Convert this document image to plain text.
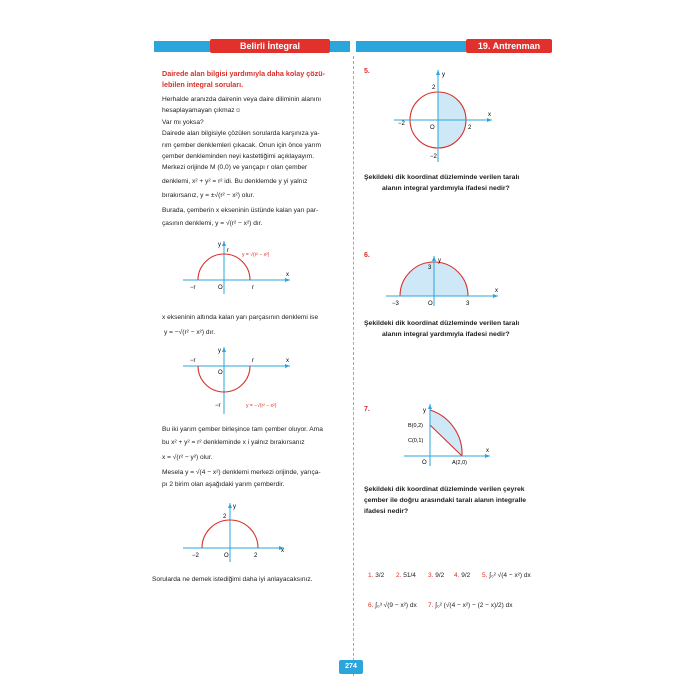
Belirli İntegral	19. Antrenman
Dairede alan bilgisi yardımıyla daha kolay çözü-
lebilen integral soruları.
Herhalde aranızda dairenin veya daire diliminin alanını
hesaplayamayan çıkmaz☺
Var mı yoksa?
Dairede alan bilgisiyle çözülen sorularda karşınıza ya-
rım çember denklemleri çıkacak. Onun için önce yarım
çember denkleminden neyi kastettiğimi açıklayayım.
Merkezi orijinde M (0,0) ve yarıçapı r olan çember
denklemi, x² + y² = r² idi. Bu denklemde y yi yalnız
bırakırsanız, y = ±√(r² − x²) olur.
Burada, çemberin x ekseninin üstünde kalan yarı par-
çasının denklemi, y = √(r² − x²) dır.
y
x
−r	O	r
r
y = √(r² − x²)
x ekseninin altında kalan yarı parçasının denklemi ise
y = −√(r² − x²) dır.
y
x
−r
O
r
−r	y = −√(r² − x²)
Bu iki yarım çember birleşince tam çember oluyor. Ama
bu x² + y² = r² denkleminde x i yalnız bırakırsanız
x = √(r² − y²) olur.
Mesela y = √(4 − x²) denklemi merkezi orijinde, yarıça-
pı 2 birim olan aşağıdaki yarım çemberdir.
y
x
−2	O	2
2
Sorularda ne demek istediğimi daha iyi anlayacaksınız.
5.	y
x
2
−2
−2
2
O
Şekildeki dik koordinat düzleminde verilen taralı
alanın integral yardımıyla ifadesi nedir?
6.
y
x
3
−3	3
O
Şekildeki dik koordinat düzleminde verilen taralı
alanın integral yardımıyla ifadesi nedir?
7.	y
x
B(0,2)
C(0,1)
A(2,0)
O
Şekildeki dik koordinat düzleminde verilen çeyrek
çember ile doğru arasındaki taralı alanın integralle
ifadesi nedir?
1. 3/2 2. 51/4 3. 9/2 4. 9/2 5. ∫₀² √(4 − x²) dx
6. ∫₀³ √(9 − x²) dx 7. ∫₀² (√(4 − x²) − (2 − x)/2) dx
274
